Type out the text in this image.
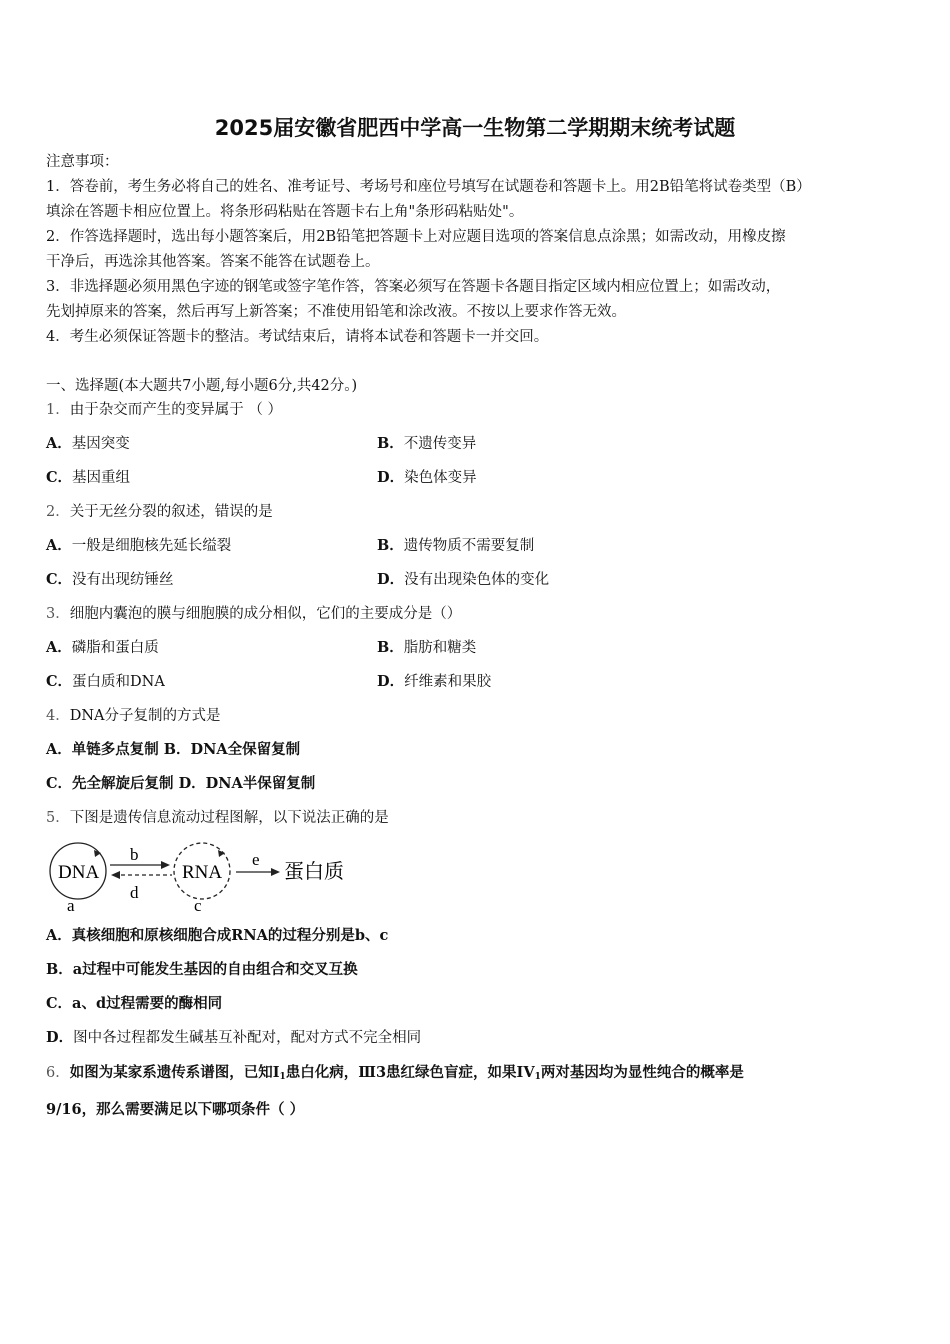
2025届安徽省肥西中学高一生物第二学期期末统考试题
注意事项：
1．答卷前，考生务必将自己的姓名、准考证号、考场号和座位号填写在试题卷和答题卡上。用2B铅笔将试卷类型（B）
填涂在答题卡相应位置上。将条形码粘贴在答题卡右上角"条形码粘贴处"。
2．作答选择题时，选出每小题答案后，用2B铅笔把答题卡上对应题目选项的答案信息点涂黑；如需改动，用橡皮擦
干净后，再选涂其他答案。答案不能答在试题卷上。
3．非选择题必须用黑色字迹的钢笔或签字笔作答，答案必须写在答题卡各题目指定区域内相应位置上；如需改动，
先划掉原来的答案，然后再写上新答案；不准使用铅笔和涂改液。不按以上要求作答无效。
4．考生必须保证答题卡的整洁。考试结束后，请将本试卷和答题卡一并交回。
一、选择题(本大题共7小题,每小题6分,共42分。)
1．由于杂交而产生的变异属于 （ ）
A．基因突变	B．不遗传变异
C．基因重组	D．染色体变异
2．关于无丝分裂的叙述，错误的是
A．一般是细胞核先延长缢裂	B．遗传物质不需要复制
C．没有出现纺锤丝	D．没有出现染色体的变化
3．细胞内囊泡的膜与细胞膜的成分相似，它们的主要成分是（）
A．磷脂和蛋白质	B．脂肪和糖类
C．蛋白质和DNA	D．纤维素和果胶
4．DNA分子复制的方式是
A．单链多点复制 B．DNA全保留复制
C．先全解旋后复制 D．DNA半保留复制
5．下图是遗传信息流动过程图解，以下说法正确的是
DNA
a
b
d
RNA
c
e
蛋白质
A．真核细胞和原核细胞合成RNA的过程分别是b、c
B．a过程中可能发生基因的自由组合和交叉互换
C．a、d过程需要的酶相同
D．图中各过程都发生碱基互补配对，配对方式不完全相同
6．如图为某家系遗传系谱图，已知$Ⅰ_1$患白化病，Ⅲ3患红绿色盲症，如果$IV_1$两对基因均为显性纯合的概率是
9/16，那么需要满足以下哪项条件（ ）
